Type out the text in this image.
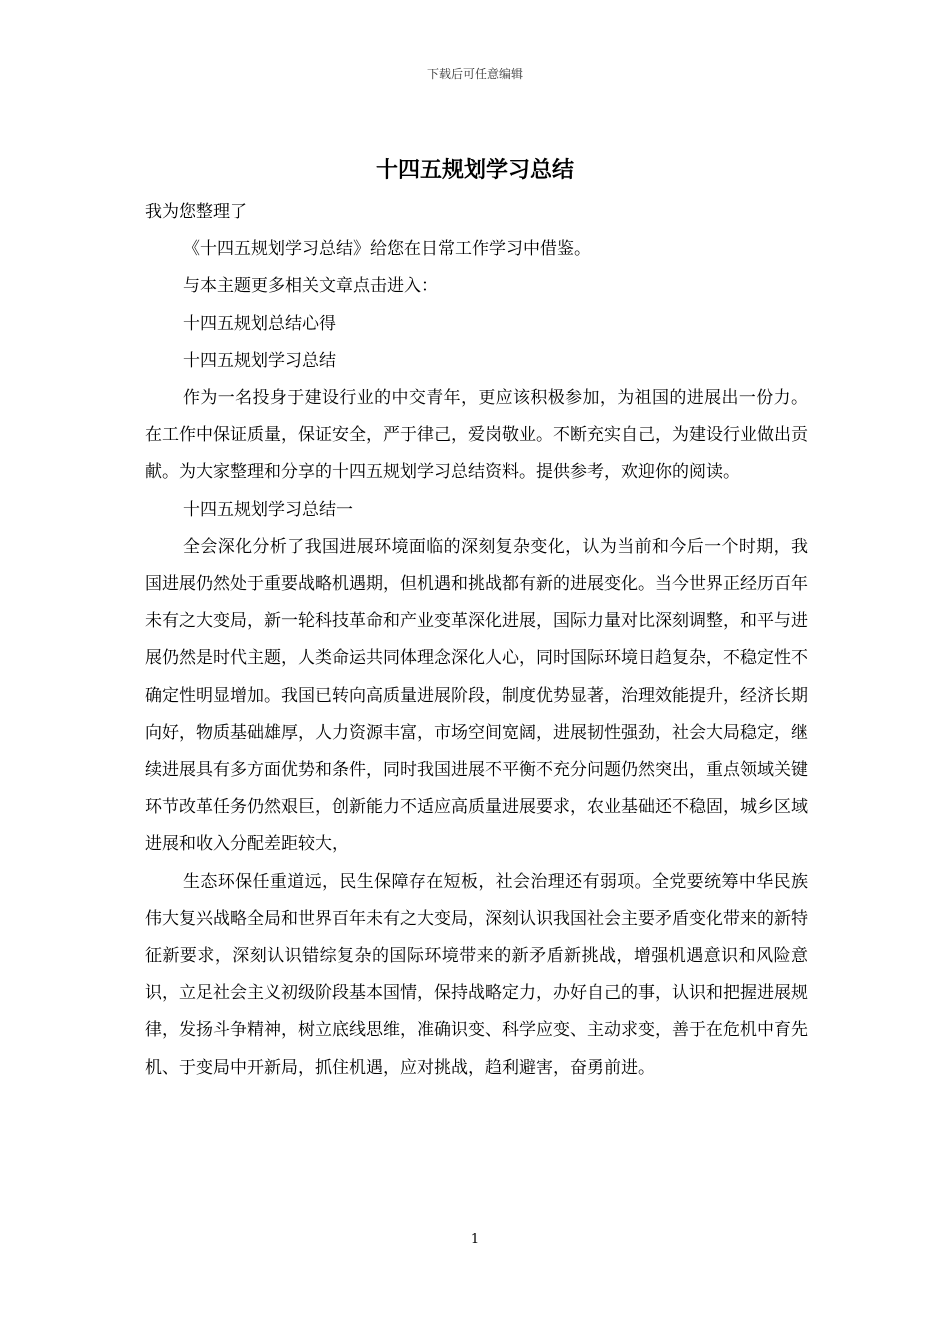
下载后可任意编辑
十四五规划学习总结

我为您整理了

《十四五规划学习总结》给您在日常工作学习中借鉴。

与本主题更多相关文章点击进入：

十四五规划总结心得

十四五规划学习总结

作为一名投身于建设行业的中交青年，更应该积极参加，为祖国的进展出一份力。在工作中保证质量，保证安全，严于律己，爱岗敬业。不断充实自己，为建设行业做出贡献。为大家整理和分享的十四五规划学习总结资料。提供参考，欢迎你的阅读。

十四五规划学习总结一

全会深化分析了我国进展环境面临的深刻复杂变化，认为当前和今后一个时期，我国进展仍然处于重要战略机遇期，但机遇和挑战都有新的进展变化。当今世界正经历百年未有之大变局，新一轮科技革命和产业变革深化进展，国际力量对比深刻调整，和平与进展仍然是时代主题，人类命运共同体理念深化人心，同时国际环境日趋复杂，不稳定性不确定性明显增加。我国已转向高质量进展阶段，制度优势显著，治理效能提升，经济长期向好，物质基础雄厚，人力资源丰富，市场空间宽阔，进展韧性强劲，社会大局稳定，继续进展具有多方面优势和条件，同时我国进展不平衡不充分问题仍然突出，重点领域关键环节改革任务仍然艰巨，创新能力不适应高质量进展要求，农业基础还不稳固，城乡区域进展和收入分配差距较大，

生态环保任重道远，民生保障存在短板，社会治理还有弱项。全党要统筹中华民族伟大复兴战略全局和世界百年未有之大变局，深刻认识我国社会主要矛盾变化带来的新特征新要求，深刻认识错综复杂的国际环境带来的新矛盾新挑战，增强机遇意识和风险意识，立足社会主义初级阶段基本国情，保持战略定力，办好自己的事，认识和把握进展规律，发扬斗争精神，树立底线思维，准确识变、科学应变、主动求变，善于在危机中育先机、于变局中开新局，抓住机遇，应对挑战，趋利避害，奋勇前进。

1
